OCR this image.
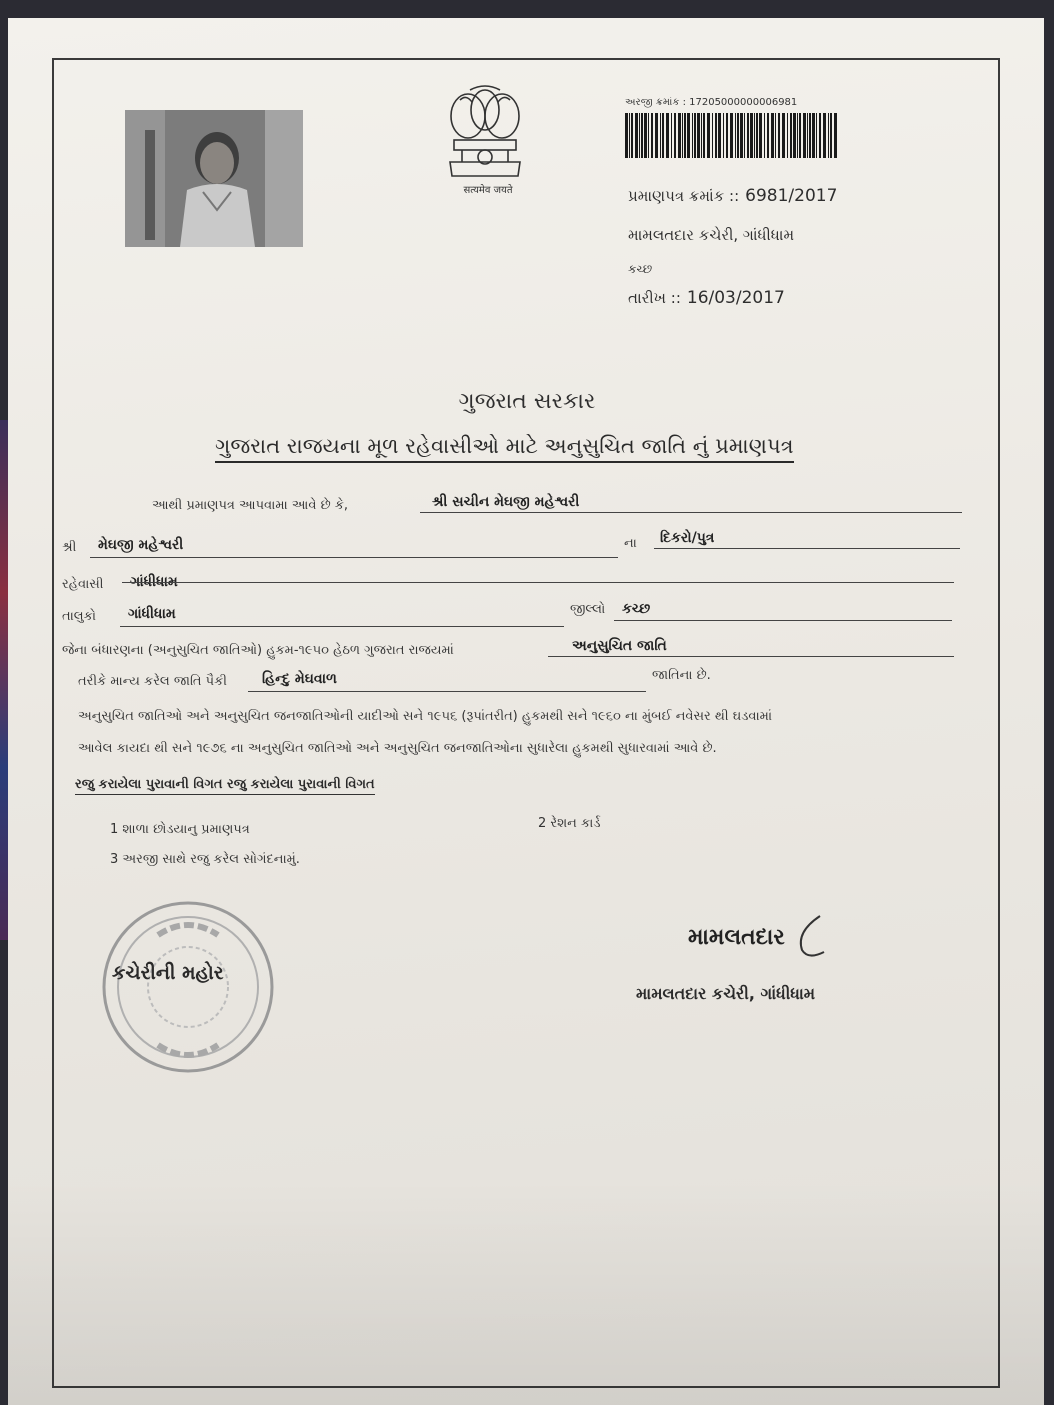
सत्यमेव जयते
અરજી ક્રમાંક : 17205000000006981
પ્રમાણપત્ર ક્રમાંક :: 6981/2017
મામલતદાર કચેરી, ગાંધીધામ
કચ્છ
તારીખ :: 16/03/2017
ગુજરાત સરકાર
ગુજરાત રાજયના મૂળ રહેવાસીઓ માટે અનુસુચિત જાતિ નું પ્રમાણપત્ર
આથી પ્રમાણપત્ર આપવામા આવે છે કે,	શ્રી સચીન મેઘજી મહેશ્વરી
શ્રી મેઘજી મહેશ્વરી	ના દિકરો/પુત્ર
રહેવાસી ગાંધીધામ
તાલુકો ગાંધીધામ	જીલ્લો કચ્છ
જેના બંધારણના (અનુસુચિત જાતિઓ) હુકમ-૧૯૫૦ હેઠળ ગુજરાત રાજયમાં	અનુસુચિત જાતિ
તરીકે માન્ય કરેલ જાતિ પૈકી	હિન્દુ મેઘવાળ	જાતિના છે.
અનુસુચિત જાતિઓ અને અનુસુચિત જનજાતિઓની યાદીઓ સને ૧૯૫૬ (રૂપાંતરીત) હુકમથી સને ૧૯૬૦ ના મુંબઈ નવેસર થી ઘડવામાં
આવેલ કાયદા થી સને ૧૯૭૬ ના અનુસુચિત જાતિઓ અને અનુસુચિત જનજાતિઓના સુધારેલા હુકમથી સુધારવામાં આવે છે.
રજુ કરાયેલા પુરાવાની વિગત રજુ કરાયેલા પુરાવાની વિગત
1 શાળા છોડયાનુ પ્રમાણપત્ર	2 રેશન કાર્ડ
3 અરજી સાથે રજુ કરેલ સોગંદનામું.
કચેરીની મહોર
મામલતદાર
મામલતદાર કચેરી, ગાંધીધામ
